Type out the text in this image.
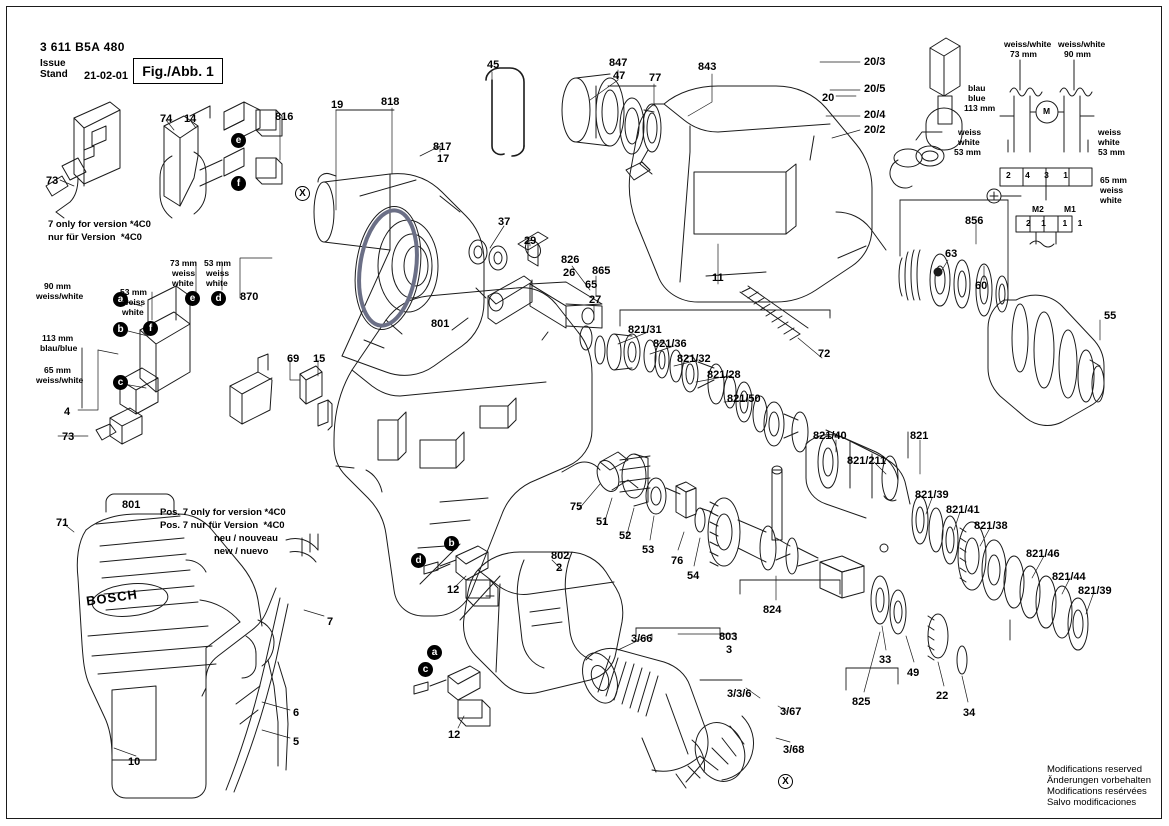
3 611 B5A 480
Issue
Stand 21-02-01	Fig./Abb. 1	45	847
47 77
843	20/3
20/5
20
20/4
20/2
818
19
816
74 14
817
17
73
37
29
826
26 865
65
27
11
63
856
60
55
821/31
821/36
821/32
821/28
821/50
72
821/40	821
821/211
821/39
821/41
821/38
821/46
821/44
821/39
870
69 15
801
4
73
801
71
75
51
52
53
76
54
824
33
49
22
34
825
802
2
12
12
3/66	803
3
3/3/6
3/67
3/68
7
6
5
10
X
X
e
f
e	d
f
a
b
c
b
d
a
c
7 only for version *4C0
nur für Version  *4C0
Pos. 7 only for version *4C0
Pos. 7 nur für Version  *4C0
neu / nouveau
new / nuevo
90 mm
weiss/white
113 mm
blau/blue
65 mm
weiss/white
53 mm
weiss
white
73 mm
weiss
white
53 mm
weiss
white
weiss/white
73 mm
weiss/white
90 mm
blau
blue
113 mm
weiss
white
53 mm
weiss
white
53 mm
65 mm
weiss
white
M
2 4 3 1
2 1  1 1
M2 M1
BOSCH
Modifications reserved
Änderungen vorbehalten
Modifications resérvées
Salvo modificaciones
